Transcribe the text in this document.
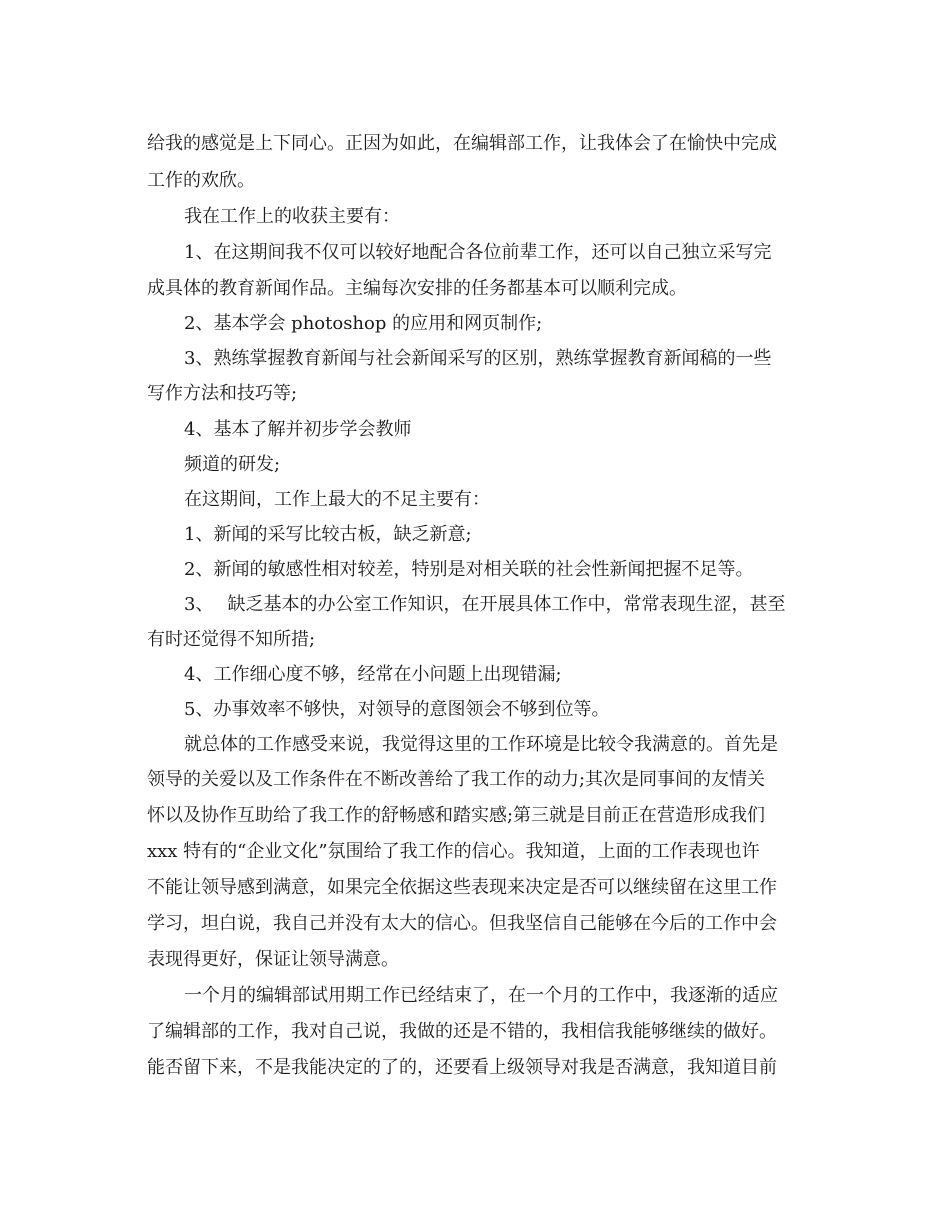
给我的感觉是上下同心。正因为如此，在编辑部工作，让我体会了在愉快中完成
工作的欢欣。
我在工作上的收获主要有：
1、在这期间我不仅可以较好地配合各位前辈工作，还可以自己独立采写完
成具体的教育新闻作品。主编每次安排的任务都基本可以顺利完成。
2、基本学会 photoshop 的应用和网页制作;
3、熟练掌握教育新闻与社会新闻采写的区别，熟练掌握教育新闻稿的一些
写作方法和技巧等;
4、基本了解并初步学会教师
频道的研发;
在这期间，工作上最大的不足主要有：
1、新闻的采写比较古板，缺乏新意;
2、新闻的敏感性相对较差，特别是对相关联的社会性新闻把握不足等。
3、 缺乏基本的办公室工作知识，在开展具体工作中，常常表现生涩，甚至
有时还觉得不知所措;
4、工作细心度不够，经常在小问题上出现错漏;
5、办事效率不够快，对领导的意图领会不够到位等。
就总体的工作感受来说，我觉得这里的工作环境是比较令我满意的。首先是
领导的关爱以及工作条件在不断改善给了我工作的动力;其次是同事间的友情关
怀以及协作互助给了我工作的舒畅感和踏实感;第三就是目前正在营造形成我们
xxx 特有的“企业文化”氛围给了我工作的信心。我知道，上面的工作表现也许
不能让领导感到满意，如果完全依据这些表现来决定是否可以继续留在这里工作
学习，坦白说，我自己并没有太大的信心。但我坚信自己能够在今后的工作中会
表现得更好，保证让领导满意。
一个月的编辑部试用期工作已经结束了，在一个月的工作中，我逐渐的适应
了编辑部的工作，我对自己说，我做的还是不错的，我相信我能够继续的做好。
能否留下来，不是我能决定的了的，还要看上级领导对我是否满意，我知道目前
